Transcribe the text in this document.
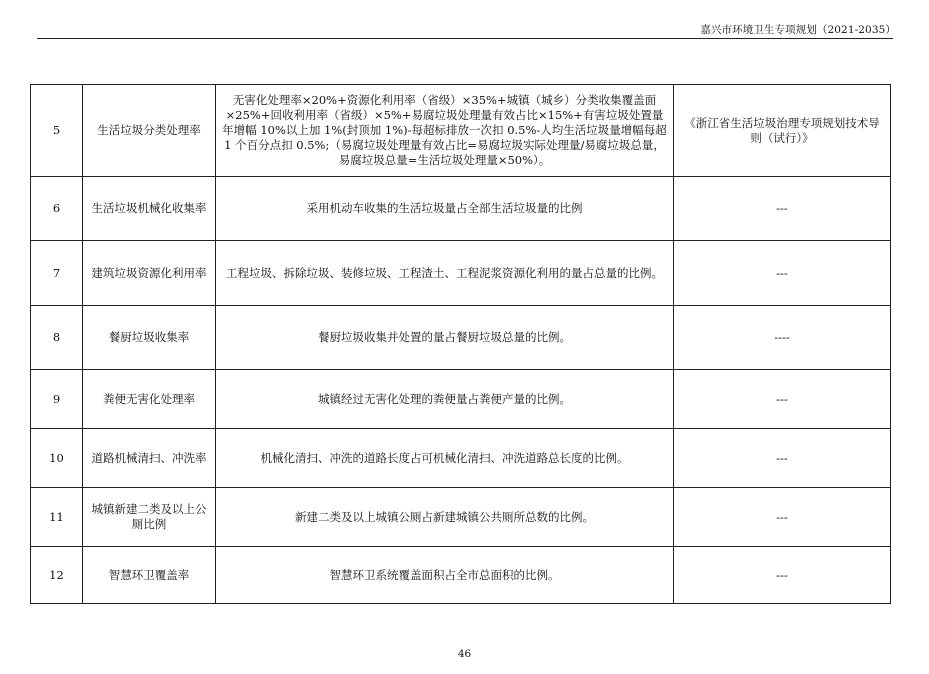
嘉兴市环境卫生专项规划（2021-2035）
5	生活垃圾分类处理率	无害化处理率×20%+资源化利用率（省级）×35%+城镇（城乡）分类收集覆盖面×25%+回收利用率（省级）×5%+易腐垃圾处理量有效占比×15%+有害垃圾处置量年增幅 10%以上加 1%(封顶加 1%)-每超标排放一次扣 0.5%-人均生活垃圾量增幅每超 1 个百分点扣 0.5%;（易腐垃圾处理量有效占比=易腐垃圾实际处理量/易腐垃圾总量，易腐垃圾总量=生活垃圾处理量×50%）。	《浙江省生活垃圾治理专项规划技术导则（试行）》
6	生活垃圾机械化收集率	采用机动车收集的生活垃圾量占全部生活垃圾量的比例	---
7	建筑垃圾资源化利用率	工程垃圾、拆除垃圾、装修垃圾、工程渣土、工程泥浆资源化利用的量占总量的比例。	---
8	餐厨垃圾收集率	餐厨垃圾收集并处置的量占餐厨垃圾总量的比例。	----
9	粪便无害化处理率	城镇经过无害化处理的粪便量占粪便产量的比例。	---
10	道路机械清扫、冲洗率	机械化清扫、冲洗的道路长度占可机械化清扫、冲洗道路总长度的比例。	---
11	城镇新建二类及以上公厕比例	新建二类及以上城镇公厕占新建城镇公共厕所总数的比例。	---
12	智慧环卫覆盖率	智慧环卫系统覆盖面积占全市总面积的比例。	---
46
